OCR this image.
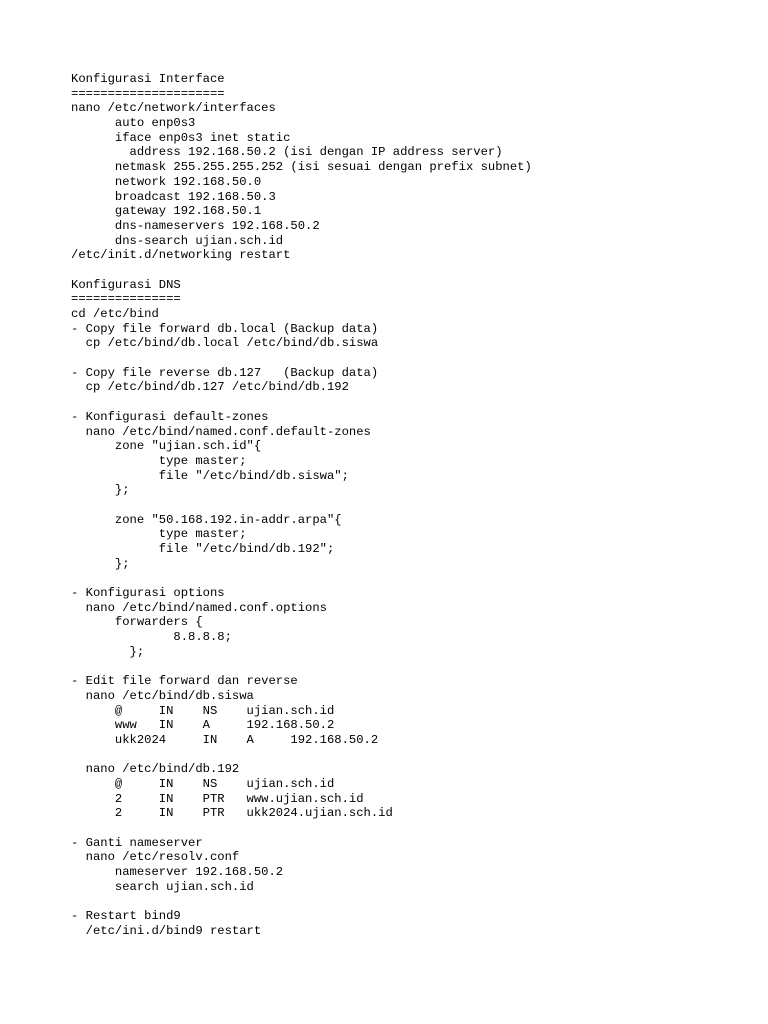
Konfigurasi Interface
=====================
nano /etc/network/interfaces
auto enp0s3
iface enp0s3 inet static
address 192.168.50.2 (isi dengan IP address server)
netmask 255.255.255.252 (isi sesuai dengan prefix subnet)
network 192.168.50.0
broadcast 192.168.50.3
gateway 192.168.50.1
dns-nameservers 192.168.50.2
dns-search ujian.sch.id
/etc/init.d/networking restart
Konfigurasi DNS
===============
cd /etc/bind
- Copy file forward db.local (Backup data)
cp /etc/bind/db.local /etc/bind/db.siswa
- Copy file reverse db.127   (Backup data)
cp /etc/bind/db.127 /etc/bind/db.192
- Konfigurasi default-zones
nano /etc/bind/named.conf.default-zones
zone "ujian.sch.id"{
type master;
file "/etc/bind/db.siswa";
};
zone "50.168.192.in-addr.arpa"{
type master;
file "/etc/bind/db.192";
};
- Konfigurasi options
nano /etc/bind/named.conf.options
forwarders {
8.8.8.8;
};
- Edit file forward dan reverse
nano /etc/bind/db.siswa
@     IN    NS    ujian.sch.id
www   IN    A     192.168.50.2
ukk2024     IN    A     192.168.50.2
nano /etc/bind/db.192
@     IN    NS    ujian.sch.id
2     IN    PTR   www.ujian.sch.id
2     IN    PTR   ukk2024.ujian.sch.id
- Ganti nameserver
nano /etc/resolv.conf
nameserver 192.168.50.2
search ujian.sch.id
- Restart bind9
/etc/ini.d/bind9 restart
